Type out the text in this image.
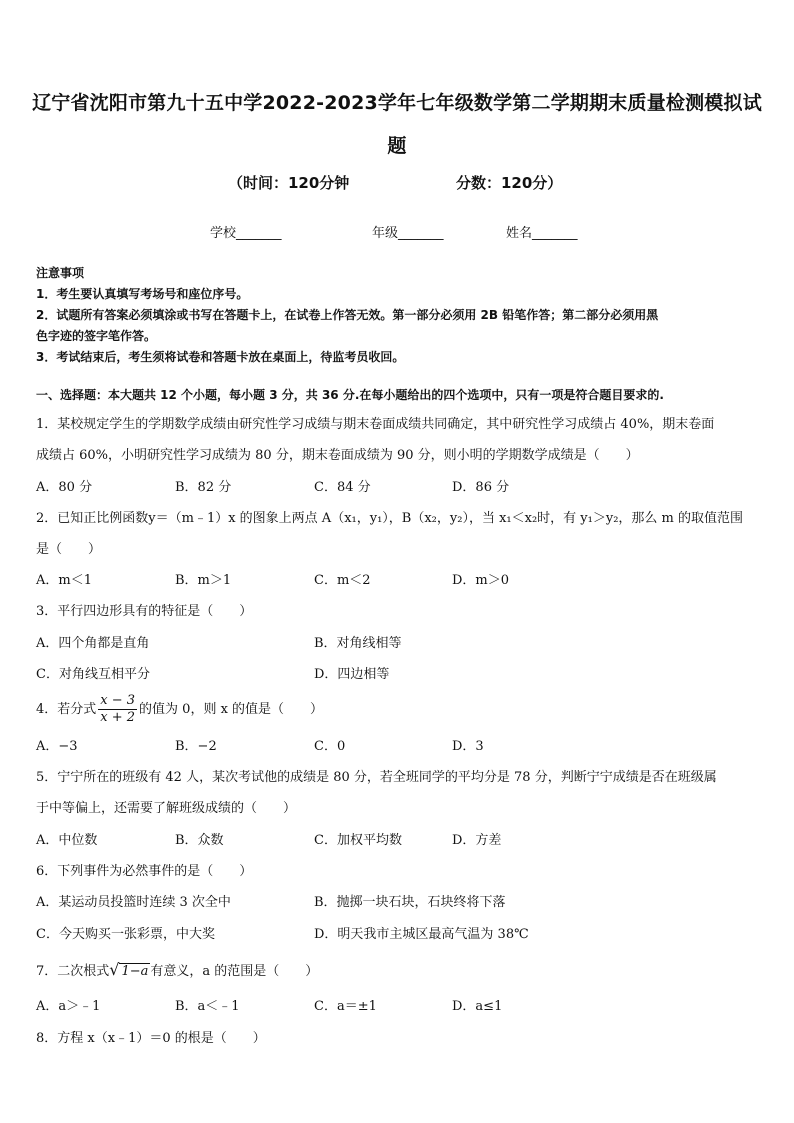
辽宁省沈阳市第九十五中学2022-2023学年七年级数学第二学期期末质量检测模拟试
题
（时间：120分钟	分数：120分）
学校_______	年级_______	姓名_______
注意事项
1．考生要认真填写考场号和座位序号。
2．试题所有答案必须填涂或书写在答题卡上，在试卷上作答无效。第一部分必须用 2B 铅笔作答；第二部分必须用黑
色字迹的签字笔作答。
3．考试结束后，考生须将试卷和答题卡放在桌面上，待监考员收回。
一、选择题：本大题共 12 个小题，每小题 3 分，共 36 分.在每小题给出的四个选项中，只有一项是符合题目要求的.
1．某校规定学生的学期数学成绩由研究性学习成绩与期末卷面成绩共同确定，其中研究性学习成绩占 40%，期末卷面
成绩占 60%，小明研究性学习成绩为 80 分，期末卷面成绩为 90 分，则小明的学期数学成绩是（　　）
A．80 分	B．82 分	C．84 分	D．86 分
2．已知正比例函数y＝（m﹣1）x 的图象上两点 A（x₁，y₁），B（x₂，y₂），当 x₁＜x₂时，有 y₁＞y₂，那么 m 的取值范围
是（　　）
A．m＜1	B．m＞1	C．m＜2	D．m＞0
3．平行四边形具有的特征是（　　）
A．四个角都是直角	B．对角线相等
C．对角线互相平分	D．四边相等
4．若分式 $\frac{x - 3}{x + 2}$ 的值为 0，则 x 的值是（　　）
A．−3	B．−2	C．0	D．3
5．宁宁所在的班级有 42 人，某次考试他的成绩是 80 分，若全班同学的平均分是 78 分，判断宁宁成绩是否在班级属
于中等偏上，还需要了解班级成绩的（　　）
A．中位数	B．众数	C．加权平均数	D．方差
6．下列事件为必然事件的是（　　）
A．某运动员投篮时连续 3 次全中	B．抛掷一块石块，石块终将下落
C．今天购买一张彩票，中大奖	D．明天我市主城区最高气温为 38℃
7．二次根式√ 1−a 有意义，a 的范围是（　　）
A．a＞﹣1	B．a＜﹣1	C．a＝±1	D．a≤1
8．方程 x（x﹣1）＝0 的根是（　　）
